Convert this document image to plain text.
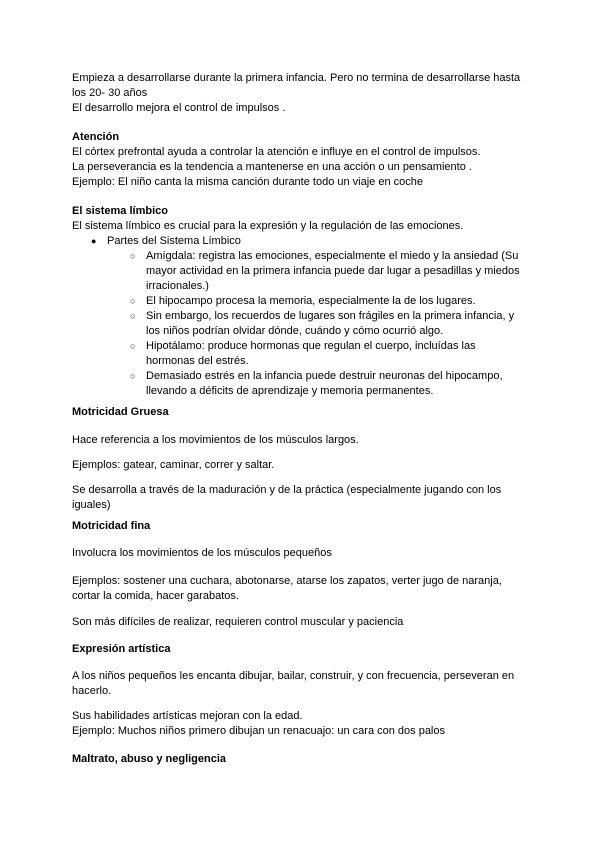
Empieza a desarrollarse durante la primera infancia. Pero no termina de desarrollarse hasta
los 20- 30 años
El desarrollo mejora el control de impulsos .
Atención
El córtex prefrontal ayuda a controlar la atención e influye en el control de impulsos.
La perseverancia es la tendencia a mantenerse en una acción o un pensamiento .
Ejemplo: El niño canta la misma canción durante todo un viaje en coche
El sistema límbico
El sistema límbico es crucial para la expresión y la regulación de las emociones.
● Partes del Sistema Límbico
○ Amígdala: registra las emociones, especialmente el miedo y la ansiedad (Su
mayor actividad en la primera infancia puede dar lugar a pesadillas y miedos
irracionales.)
○ El hipocampo procesa la memoria, especialmente la de los lugares.
○ Sin embargo, los recuerdos de lugares son frágiles en la primera infancia, y
los niños podrían olvidar dónde, cuándo y cómo ocurrió algo.
○ Hipotálamo: produce hormonas que regulan el cuerpo, incluídas las
hormonas del estrés.
○ Demasiado estrés en la infancia puede destruir neuronas del hipocampo,
llevando a déficits de aprendizaje y memoria permanentes.
Motricidad Gruesa
Hace referencia a los movimientos de los músculos largos.
Ejemplos: gatear, caminar, correr y saltar.
Se desarrolla a través de la maduración y de la práctica (especialmente jugando con los
iguales)
Motricidad fina
Involucra los movimientos de los músculos pequeños
Ejemplos: sostener una cuchara, abotonarse, atarse los zapatos, verter jugo de naranja,
cortar la comida, hacer garabatos.
Son más difíciles de realizar, requieren control muscular y paciencia
Expresión artística
A los niños pequeños les encanta dibujar, bailar, construir, y con frecuencia, perseveran en
hacerlo.
Sus habilidades artísticas mejoran con la edad.
Ejemplo: Muchos niños primero dibujan un renacuajo: un cara con dos palos
Maltrato, abuso y negligencia
